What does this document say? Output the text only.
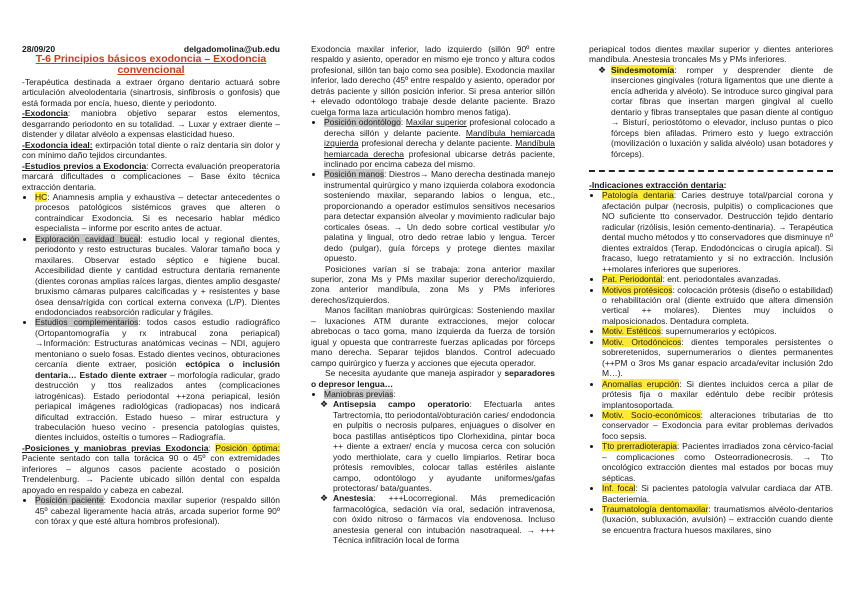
28/09/20	delgadomolina@ub.edu
T-6 Principios básicos exodoncia – Exodoncia
convencional

-Terapéutica destinada a extraer órgano dentario actuará sobre articulación alveolodentaria (sinartrosis, sinfibrosis o gonfosis) que está formada por encía, hueso, diente y periodonto.

-Exodoncia: maniobra objetivo separar estos elementos, desgarrando periodonto en su totalidad. → Luxar y extraer diente – distender y dilatar alvéolo a expensas elasticidad hueso.

-Exodoncia ideal: extirpación total diente o raíz dentaria sin dolor y con mínimo daño tejidos circundantes.

-Estudios previos a Exodoncia: Correcta evaluación preoperatoria marcará dificultades o complicaciones – Base éxito técnica extracción dentaria.

• HC: Anamnesis amplia y exhaustiva – detectar antecedentes o procesos patológicos sistémicos graves que alteren o contraindicar Exodoncia. Si es necesario hablar médico especialista – informe por escrito antes de actuar.
• Exploración cavidad bucal: estudio local y regional dientes, periodonto y resto estructuras bucales. Valorar tamaño boca y maxilares. Observar estado séptico e higiene bucal. Accesibilidad diente y cantidad estructura dentaria remanente (dientes coronas amplias raíces largas, dientes amplio desgaste/ bruxismo cámaras pulpares calcificadas y + resistentes y base ósea densa/rígida con cortical externa convexa (L/P). Dientes endodonciados reabsorción radicular y frágiles.
• Estudios complementarios: todos casos estudio radiográfico (Ortopantomografía y rx intrabucal zona periapical) →Información: Estructuras anatómicas vecinas – NDI, agujero mentoniano o suelo fosas. Estado dientes vecinos, obturaciones cercanía diente extraer, posición ectópica o inclusión dentaria… Estado diente extraer – morfología radicular, grado destrucción y ttos realizados antes (complicaciones iatrogénicas). Estado periodontal ++zona periapical, lesión periapical imágenes radiológicas (radiopacas) nos indicará dificultad extracción. Estado hueso – mirar estructura y trabeculación hueso vecino - presencia patologías quistes, dientes incluidos, osteítis o tumores – Radiografía.

-Posiciones y maniobras previas Exodoncia: Posición óptima: Paciente sentado con talla torácica 90 o 45º con extremidades inferiores – algunos casos paciente acostado o posición Trendelenburg. → Paciente ubicado sillón dental con espalda apoyado en respaldo y cabeza en cabezal.

• Posición paciente: Exodoncia maxilar superior (respaldo sillón 45º cabezal ligeramente hacia atrás, arcada superior forme 90º con tórax y que esté altura hombros profesional).

Exodoncia maxilar inferior, lado izquierdo (sillón 90º entre respaldo y asiento, operador en mismo eje tronco y altura codos profesional, sillón tan bajo como sea posible). Exodoncia maxilar inferior, lado derecho (45º entre respaldo y asiento, operador por detrás paciente y sillón posición inferior. Si presa anterior sillón + elevado odontólogo trabaje desde delante paciente. Brazo cuelga forma laza articulación hombro menos fatiga).

• Posición odontólogo: Maxilar superior profesional colocado a derecha sillón y delante paciente. Mandíbula hemiarcada izquierda profesional derecha y delante paciente. Mandíbula hemiarcada derecha profesional ubicarse detrás paciente, inclinado por encima cabeza del mismo.
• Posición manos: Diestros→ Mano derecha destinada manejo instrumental quirúrgico y mano izquierda colabora exodoncia sosteniendo maxilar, separando labios o lengua, etc., proporcionando a operador estímulos sensitivos necesarios para detectar expansión alveolar y movimiento radicular bajo corticales óseas. → Un dedo sobre cortical vestibular y/o palatina y lingual, otro dedo retrae labio y lengua. Tercer dedo (pulgar), guía fórceps y protege dientes maxilar opuesto.

Posiciones varían si se trabaja: zona anterior maxilar superior, zona Ms y PMs maxilar superior derecho/izquierdo, zona anterior mandíbula, zona Ms y PMs inferiores derechos/izquierdos.

Manos facilitan maniobras quirúrgicas: Sosteniendo maxilar – luxaciones ATM durante extracciones, mejor colocar abrebocas o taco goma, mano izquierda da fuerza de torsión igual y opuesta que contrarreste fuerzas aplicadas por fórceps mano derecha. Separar tejidos blandos. Control adecuado campo quirúrgico y fuerza y acciones que ejecuta operador.

Se necesita ayudante que maneja aspirador y separadores o depresor lengua…

• Maniobras previas:
❖ Antisepsia campo operatorio: Efectuarla antes Tartrectomía, tto periodontal/obturación caries/ endodoncia en pulpitis o necrosis pulpares, enjuagues o disolver en boca pastillas antisépticos tipo Clorhexidina, pintar boca ++ diente a extraer/ encía y mucosa cerca con solución yodo merthiolate, cara y cuello limpiarlos. Retirar boca prótesis removibles, colocar tallas estériles aislante campo, odontólogo y ayudante uniformes/gafas protectoras/ bata/guantes.
❖ Anestesia: +++Locorregional. Más premedicación farmacológica, sedación vía oral, sedación intravenosa, con óxido nitroso o fármacos vía endovenosa. Incluso anestesia general con intubación nasotraqueal. → +++ Técnica infiltración local de forma

periapical todos dientes maxilar superior y dientes anteriores mandíbula. Anestesia troncales Ms y PMs inferiores.

❖ Sindesmotomía: romper y desprender diente de inserciones gingivales (rotura ligamentos que une diente a encía adherida y alvéolo). Se introduce surco gingival para cortar fibras que insertan margen gingival al cuello dentario y fibras transeptales que pasan diente al contiguo → Bisturí, periostótomo o elevador, incluso puntas o pico fórceps bien afiladas. Primero esto y luego extracción (movilización o luxación y salida alvéolo) usan botadores y fórceps).

-Indicaciones extracción dentaria:

• Patología dentaria: Caries destruye total/parcial corona y afectación pulpar (necrosis, pulpitis) o complicaciones que NO suficiente tto conservador. Destrucción tejido dentario radicular (rizólisis, lesión cemento-dentinaria). → Terapéutica dental mucho métodos y tto conservadores que disminuye nº dientes extraídos (Terap. Endodóncicas o cirugía apical). Si fracaso, luego retratamiento y si no extracción. Inclusión ++molares inferiores que superiores.
• Pat. Periodontal: ent. periodontales avanzadas.
• Motivos protésicos: colocación prótesis (diseño o estabilidad) o rehabilitación oral (diente extruido que altera dimensión vertical ++ molares). Dientes muy incluidos o malposicionados. Dentadura completa.
• Motiv. Estéticos: supernumerarios y ectópicos.
• Motiv. Ortodóncicos: dientes temporales persistentes o sobreretenidos, supernumerarios o dientes permanentes (++PM o 3ros Ms ganar espacio arcada/evitar inclusión 2do M…).
• Anomalías erupción: Si dientes incluidos cerca a pilar de prótesis fija o maxilar edéntulo debe recibir prótesis implantosoportada.
• Motiv. Socio-económicos: alteraciones tributarias de tto conservador – Exodoncia para evitar problemas derivados foco sepsis.
• Tto prerradioterapia: Pacientes irradiados zona cérvico-facial – complicaciones como Osteorradionecrosis. → Tto oncológico extracción dientes mal estados por bocas muy sépticas.
• Inf. focal: Si pacientes patología valvular cardiaca dar ATB. Bacteriemia.
• Traumatología dentomaxilar: traumatismos alvéolo-dentarios (luxación, subluxación, avulsión) – extracción cuando diente se encuentra fractura huesos maxilares, sino
